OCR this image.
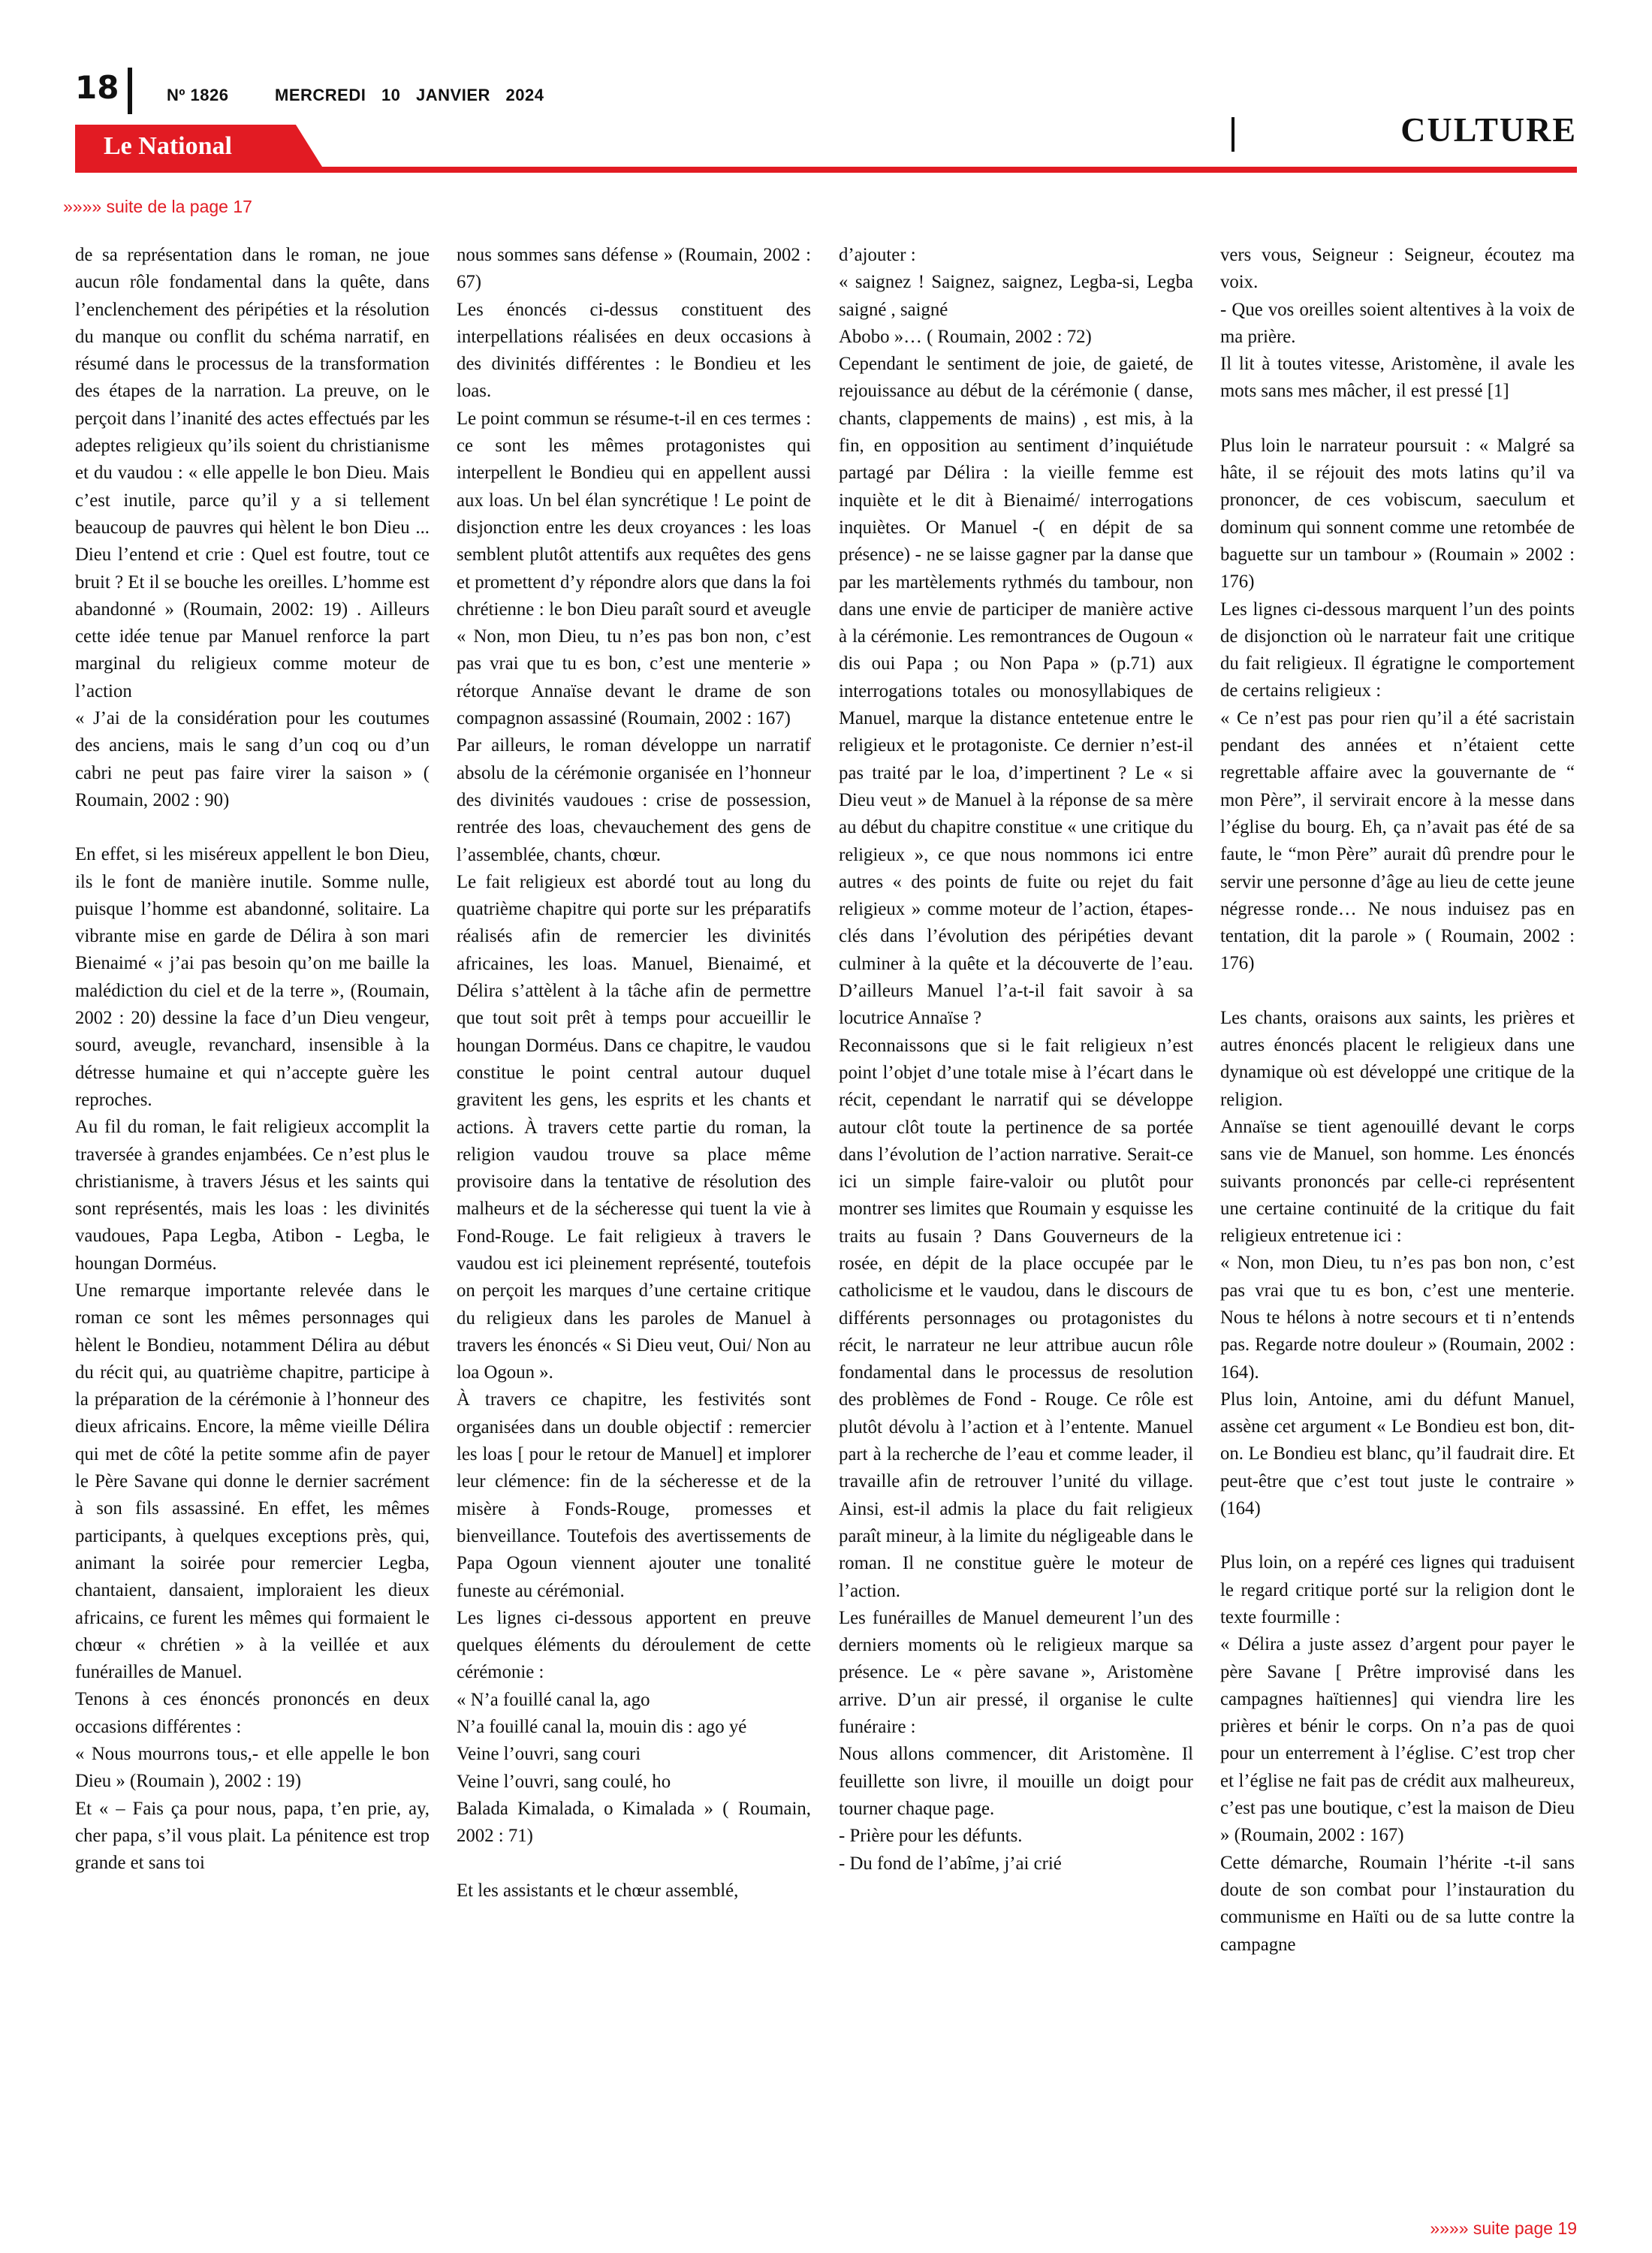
18	Nº 1826	MERCREDI 10 JANVIER 2024
Le National	CULTURE
»»»» suite de la page 17

de sa représentation dans le roman, ne joue aucun rôle fondamental dans la quête, dans l’enclenchement des péripéties et la résolution du manque ou conflit du schéma narratif, en résumé dans le processus de la transformation des étapes de la narration. La preuve, on le perçoit dans l’inanité des actes effectués par les adeptes religieux qu’ils soient du christianisme et du vaudou : « elle appelle le bon Dieu. Mais c’est inutile, parce qu’il y a si tellement beaucoup de pauvres qui hèlent le bon Dieu ... Dieu l’entend et crie : Quel est foutre, tout ce bruit ? Et il se bouche les oreilles. L’homme est abandonné » (Roumain, 2002: 19) . Ailleurs cette idée tenue par Manuel renforce la part marginal du religieux comme moteur de l’action

« J’ai de la considération pour les coutumes des anciens, mais le sang d’un coq ou d’un cabri ne peut pas faire virer la saison » ( Roumain, 2002 : 90)

En effet, si les miséreux appellent le bon Dieu, ils le font de manière inutile. Somme nulle, puisque l’homme est abandonné, solitaire. La vibrante mise en garde de Délira à son mari Bienaimé « j’ai pas besoin qu’on me baille la malédiction du ciel et de la terre », (Roumain, 2002 : 20) dessine la face d’un Dieu vengeur, sourd, aveugle, revanchard, insensible à la détresse humaine et qui n’accepte guère les reproches.

Au fil du roman, le fait religieux accomplit la traversée à grandes enjambées. Ce n’est plus le christianisme, à travers Jésus et les saints qui sont représentés, mais les loas : les divinités vaudoues, Papa Legba, Atibon - Legba, le houngan Dorméus.

Une remarque importante relevée dans le roman ce sont les mêmes personnages qui hèlent le Bondieu, notamment Délira au début du récit qui, au quatrième chapitre, participe à la préparation de la cérémonie à l’honneur des dieux africains. Encore, la même vieille Délira qui met de côté la petite somme afin de payer le Père Savane qui donne le dernier sacrément à son fils assassiné. En effet, les mêmes participants, à quelques exceptions près, qui, animant la soirée pour remercier Legba, chantaient, dansaient, imploraient les dieux africains, ce furent les mêmes qui formaient le chœur « chrétien » à la veillée et aux funérailles de Manuel.

Tenons à ces énoncés prononcés en deux occasions différentes :

« Nous mourrons tous,- et elle appelle le bon Dieu » (Roumain ), 2002 : 19)

Et « – Fais ça pour nous, papa, t’en prie, ay, cher papa, s’il vous plait. La pénitence est trop grande et sans toi

nous sommes sans défense » (Roumain, 2002 : 67)

Les énoncés ci-dessus constituent des interpellations réalisées en deux occasions à des divinités différentes : le Bondieu et les loas.

Le point commun se résume-t-il en ces termes : ce sont les mêmes protagonistes qui interpellent le Bondieu qui en appellent aussi aux loas. Un bel élan syncrétique ! Le point de disjonction entre les deux croyances : les loas semblent plutôt attentifs aux requêtes des gens et promettent d’y répondre alors que dans la foi chrétienne : le bon Dieu paraît sourd et aveugle « Non, mon Dieu, tu n’es pas bon non, c’est pas vrai que tu es bon, c’est une menterie » rétorque Annaïse devant le drame de son compagnon assassiné (Roumain, 2002 : 167)

Par ailleurs, le roman développe un narratif absolu de la cérémonie organisée en l’honneur des divinités vaudoues : crise de possession, rentrée des loas, chevauchement des gens de l’assemblée, chants, chœur.

Le fait religieux est abordé tout au long du quatrième chapitre qui porte sur les préparatifs réalisés afin de remercier les divinités africaines, les loas. Manuel, Bienaimé, et Délira s’attèlent à la tâche afin de permettre que tout soit prêt à temps pour accueillir le houngan Dorméus. Dans ce chapitre, le vaudou constitue le point central autour duquel gravitent les gens, les esprits et les chants et actions. À travers cette partie du roman, la religion vaudou trouve sa place même provisoire dans la tentative de résolution des malheurs et de la sécheresse qui tuent la vie à Fond-Rouge. Le fait religieux à travers le vaudou est ici pleinement représenté, toutefois on perçoit les marques d’une certaine critique du religieux dans les paroles de Manuel à travers les énoncés « Si Dieu veut, Oui/ Non au loa Ogoun ».

À travers ce chapitre, les festivités sont organisées dans un double objectif : remercier les loas [ pour le retour de Manuel] et implorer leur clémence: fin de la sécheresse et de la misère à Fonds-Rouge, promesses et bienveillance. Toutefois des avertissements de Papa Ogoun viennent ajouter une tonalité funeste au cérémonial.

Les lignes ci-dessous apportent en preuve quelques éléments du déroulement de cette cérémonie :

« N’a fouillé canal la, ago

N’a fouillé canal la, mouin dis : ago yé

Veine l’ouvri, sang couri

Veine l’ouvri, sang coulé, ho

Balada Kimalada, o Kimalada » ( Roumain, 2002 : 71)

Et les assistants et le chœur assemblé,

d’ajouter :

« saignez ! Saignez, saignez, Legba-si, Legba saigné , saigné

Abobo »… ( Roumain, 2002 : 72)

Cependant le sentiment de joie, de gaieté, de rejouissance au début de la cérémonie ( danse, chants, clappements de mains) , est mis, à la fin, en opposition au sentiment d’inquiétude partagé par Délira : la vieille femme est inquiète et le dit à Bienaimé/ interrogations inquiètes. Or Manuel -( en dépit de sa présence) - ne se laisse gagner par la danse que par les martèlements rythmés du tambour, non dans une envie de participer de manière active à la cérémonie. Les remontrances de Ougoun « dis oui Papa ; ou Non Papa » (p.71) aux interrogations totales ou monosyllabiques de Manuel, marque la distance entetenue entre le religieux et le protagoniste. Ce dernier n’est-il pas traité par le loa, d’impertinent ? Le « si Dieu veut » de Manuel à la réponse de sa mère au début du chapitre constitue « une critique du religieux », ce que nous nommons ici entre autres « des points de fuite ou rejet du fait religieux » comme moteur de l’action, étapes-clés dans l’évolution des péripéties devant culminer à la quête et la découverte de l’eau. D’ailleurs Manuel l’a-t-il fait savoir à sa locutrice Annaïse ?

Reconnaissons que si le fait religieux n’est point l’objet d’une totale mise à l’écart dans le récit, cependant le narratif qui se développe autour clôt toute la pertinence de sa portée dans l’évolution de l’action narrative. Serait-ce ici un simple faire-valoir ou plutôt pour montrer ses limites que Roumain y esquisse les traits au fusain ? Dans Gouverneurs de la rosée, en dépit de la place occupée par le catholicisme et le vaudou, dans le discours de différents personnages ou protagonistes du récit, le narrateur ne leur attribue aucun rôle fondamental dans le processus de resolution des problèmes de Fond - Rouge. Ce rôle est plutôt dévolu à l’action et à l’entente. Manuel part à la recherche de l’eau et comme leader, il travaille afin de retrouver l’unité du village. Ainsi, est-il admis la place du fait religieux paraît mineur, à la limite du négligeable dans le roman. Il ne constitue guère le moteur de l’action.

Les funérailles de Manuel demeurent l’un des derniers moments où le religieux marque sa présence. Le « père savane », Aristomène arrive. D’un air pressé, il organise le culte funéraire :

Nous allons commencer, dit Aristomène. Il feuillette son livre, il mouille un doigt pour tourner chaque page.

- Prière pour les défunts.

- Du fond de l’abîme, j’ai crié

vers vous, Seigneur : Seigneur, écoutez ma voix.

- Que vos oreilles soient altentives à la voix de ma prière.

Il lit à toutes vitesse, Aristomène, il avale les mots sans mes mâcher, il est pressé [1]

Plus loin le narrateur poursuit : « Malgré sa hâte, il se réjouit des mots latins qu’il va prononcer, de ces vobiscum, saeculum et dominum qui sonnent comme une retombée de baguette sur un tambour » (Roumain » 2002 : 176)

Les lignes ci-dessous marquent l’un des points de disjonction où le narrateur fait une critique du fait religieux. Il égratigne le comportement de certains religieux :

« Ce n’est pas pour rien qu’il a été sacristain pendant des années et n’étaient cette regrettable affaire avec la gouvernante de “ mon Père”, il servirait encore à la messe dans l’église du bourg. Eh, ça n’avait pas été de sa faute, le “mon Père” aurait dû prendre pour le servir une personne d’âge au lieu de cette jeune négresse ronde… Ne nous induisez pas en tentation, dit la parole » ( Roumain, 2002 : 176)

Les chants, oraisons aux saints, les prières et autres énoncés placent le religieux dans une dynamique où est développé une critique de la religion.

Annaïse se tient agenouillé devant le corps sans vie de Manuel, son homme. Les énoncés suivants prononcés par celle-ci représentent une certaine continuité de la critique du fait religieux entretenue ici :

« Non, mon Dieu, tu n’es pas bon non, c’est pas vrai que tu es bon, c’est une menterie. Nous te hélons à notre secours et ti n’entends pas. Regarde notre douleur » (Roumain, 2002 : 164).

Plus loin, Antoine, ami du défunt Manuel, assène cet argument « Le Bondieu est bon, dit-on. Le Bondieu est blanc, qu’il faudrait dire. Et peut-être que c’est tout juste le contraire » (164)

Plus loin, on a repéré ces lignes qui traduisent le regard critique porté sur la religion dont le texte fourmille :

« Délira a juste assez d’argent pour payer le père Savane [ Prêtre improvisé dans les campagnes haïtiennes] qui viendra lire les prières et bénir le corps. On n’a pas de quoi pour un enterrement à l’église. C’est trop cher et l’église ne fait pas de crédit aux malheureux, c’est pas une boutique, c’est la maison de Dieu » (Roumain, 2002 : 167)

Cette démarche, Roumain l’hérite -t-il sans doute de son combat pour l’instauration du communisme en Haïti ou de sa lutte contre la campagne

»»»» suite page 19
